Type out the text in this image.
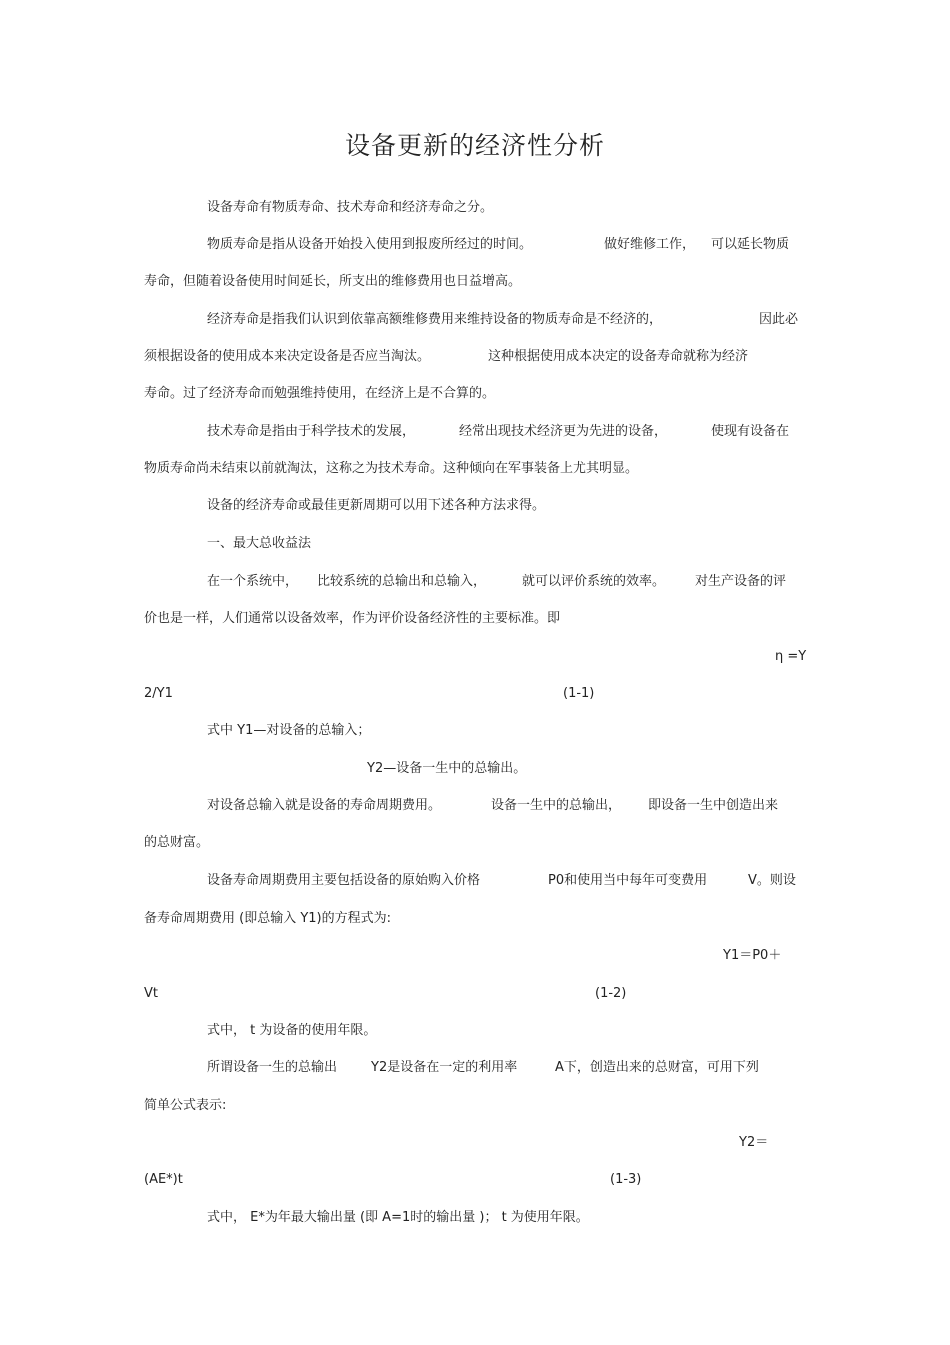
设备更新的经济性分析
设备寿命有物质寿命、技术寿命和经济寿命之分。
物质寿命是指从设备开始投入使用到报废所经过的时间。	做好维修工作， 可以延长物质
寿命，但随着设备使用时间延长，所支出的维修费用也日益增高。
经济寿命是指我们认识到依靠高额维修费用来维持设备的物质寿命是不经济的，	因此必
须根据设备的使用成本来决定设备是否应当淘汰。	这种根据使用成本决定的设备寿命就称为经济
寿命。过了经济寿命而勉强维持使用，在经济上是不合算的。
技术寿命是指由于科学技术的发展，	经常出现技术经济更为先进的设备，	使现有设备在
物质寿命尚未结束以前就淘汰，这称之为技术寿命。这种倾向在军事装备上尤其明显。
设备的经济寿命或最佳更新周期可以用下述各种方法求得。
一、最大总收益法
在一个系统中， 比较系统的总输出和总输入，	就可以评价系统的效率。 对生产设备的评
价也是一样，人们通常以设备效率，作为评价设备经济性的主要标准。即
η =Y
2/Y1	(1-1)
式中 Y1—对设备的总输入；
Y2—设备一生中的总输出。
对设备总输入就是设备的寿命周期费用。	设备一生中的总输出， 即设备一生中创造出来
的总财富。
设备寿命周期费用主要包括设备的原始购入价格	P0和使用当中每年可变费用	V。则设
备寿命周期费用 (即总输入 Y1)的方程式为:
Y1＝P0＋
Vt	(1-2)
式中， t 为设备的使用年限。
所谓设备一生的总输出	Y2是设备在一定的利用率	A下，创造出来的总财富，可用下列
简单公式表示:
Y2＝
(AE*)t	(1-3)
式中， E*为年最大输出量 (即 A=1时的输出量 )； t 为使用年限。
